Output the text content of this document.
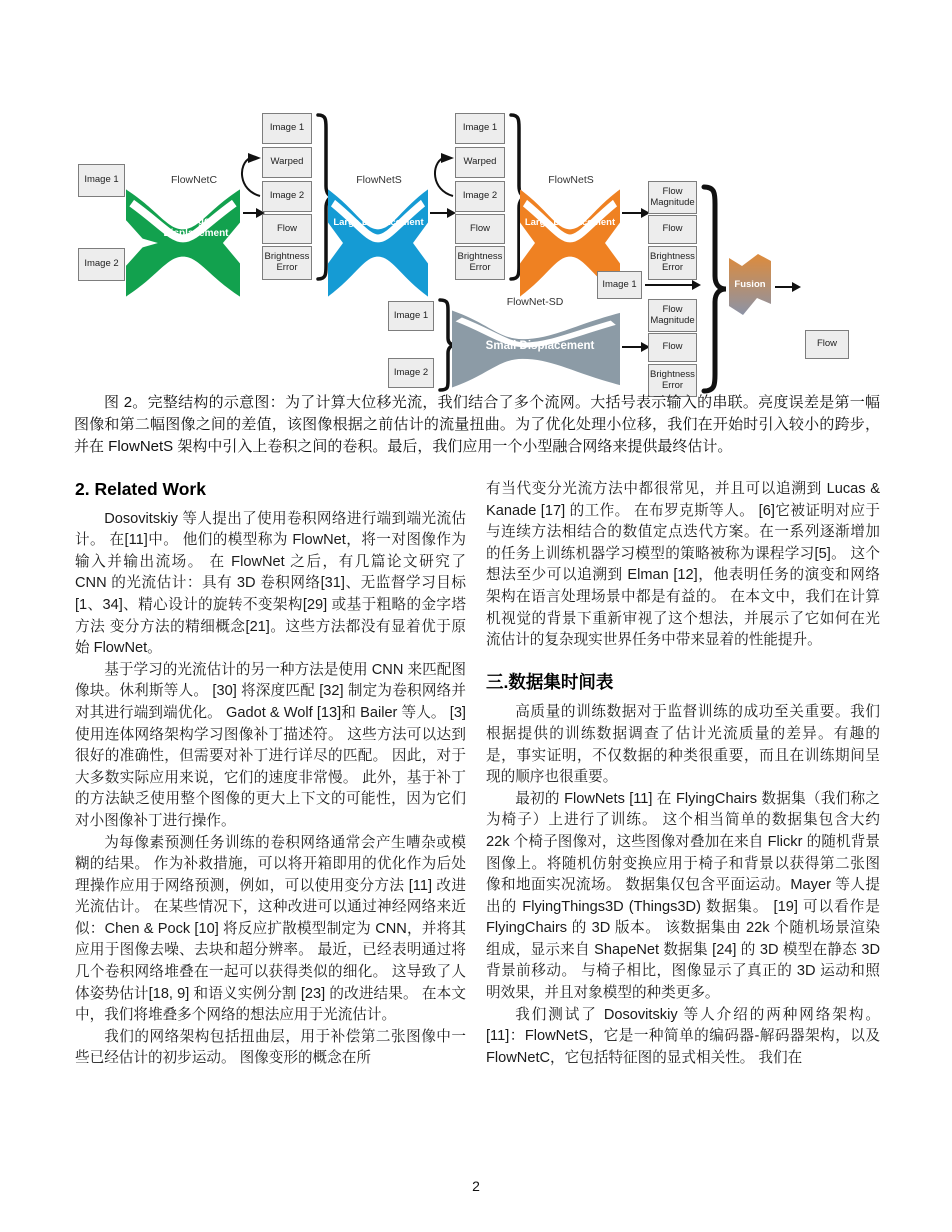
Image 1
Image 2
FlowNetC
Large Displacement
Image 1
Warped
Image 2
Flow
Brightness Error
FlowNetS
Large Displacement
Image 1
Warped
Image 2
Flow
Brightness Error
FlowNetS
Large Displacement
Flow Magnitude
Flow
Brightness Error
Image 1
Image 1
Image 2
FlowNet-SD
Small Displacement
Flow Magnitude
Flow
Brightness Error
Fusion
Flow
图 2。完整结构的示意图：为了计算大位移光流，我们结合了多个流网。大括号表示输入的串联。亮度误差是第一幅图像和第二幅图像之间的差值，该图像根据之前估计的流量扭曲。为了优化处理小位移，我们在开始时引入较小的跨步，并在 FlowNetS 架构中引入上卷积之间的卷积。最后，我们应用一个小型融合网络来提供最终估计。
2. Related Work

Dosovitskiy 等人提出了使用卷积网络进行端到端光流估计。 在[11]中。 他们的模型称为 FlowNet，将一对图像作为输入并输出流场。 在 FlowNet 之后，有几篇论文研究了 CNN 的光流估计：具有 3D 卷积网络[31]、无监督学习目标 [1、34]、精心设计的旋转不变架构[29] 或基于粗略的金字塔方法 变分方法的精细概念[21]。这些方法都没有显着优于原始 FlowNet。

基于学习的光流估计的另一种方法是使用 CNN 来匹配图像块。休利斯等人。 [30] 将深度匹配 [32] 制定为卷积网络并对其进行端到端优化。 Gadot & Wolf [13]和 Bailer 等人。 [3] 使用连体网络架构学习图像补丁描述符。 这些方法可以达到很好的准确性，但需要对补丁进行详尽的匹配。 因此，对于大多数实际应用来说，它们的速度非常慢。 此外，基于补丁的方法缺乏使用整个图像的更大上下文的可能性，因为它们对小图像补丁进行操作。

为每像素预测任务训练的卷积网络通常会产生嘈杂或模糊的结果。 作为补救措施，可以将开箱即用的优化作为后处理操作应用于网络预测，例如，可以使用变分方法 [11] 改进光流估计。 在某些情况下，这种改进可以通过神经网络来近似：Chen & Pock [10] 将反应扩散模型制定为 CNN，并将其应用于图像去噪、去块和超分辨率。 最近，已经表明通过将几个卷积网络堆叠在一起可以获得类似的细化。 这导致了人体姿势估计[18, 9] 和语义实例分割 [23] 的改进结果。 在本文中，我们将堆叠多个网络的想法应用于光流估计。

我们的网络架构包括扭曲层，用于补偿第二张图像中一些已经估计的初步运动。 图像变形的概念在所

有当代变分光流方法中都很常见，并且可以追溯到 Lucas & Kanade [17] 的工作。 在布罗克斯等人。 [6]它被证明对应于与连续方法相结合的数值定点迭代方案。在一系列逐渐增加的任务上训练机器学习模型的策略被称为课程学习[5]。 这个想法至少可以追溯到 Elman [12]，他表明任务的演变和网络架构在语言处理场景中都是有益的。 在本文中，我们在计算机视觉的背景下重新审视了这个想法，并展示了它如何在光流估计的复杂现实世界任务中带来显着的性能提升。

三.数据集时间表

高质量的训练数据对于监督训练的成功至关重要。我们根据提供的训练数据调查了估计光流质量的差异。有趣的是，事实证明，不仅数据的种类很重要，而且在训练期间呈现的顺序也很重要。

最初的 FlowNets [11] 在 FlyingChairs 数据集（我们称之为椅子）上进行了训练。 这个相当简单的数据集包含大约 22k 个椅子图像对，这些图像对叠加在来自 Flickr 的随机背景图像上。将随机仿射变换应用于椅子和背景以获得第二张图像和地面实况流场。 数据集仅包含平面运动。Mayer 等人提出的 FlyingThings3D (Things3D) 数据集。 [19] 可以看作是 FlyingChairs 的 3D 版本。 该数据集由 22k 个随机场景渲染组成，显示来自 ShapeNet 数据集 [24] 的 3D 模型在静态 3D 背景前移动。 与椅子相比，图像显示了真正的 3D 运动和照明效果，并且对象模型的种类更多。

我们测试了 Dosovitskiy 等人介绍的两种网络架构。[11]：FlowNetS，它是一种简单的编码器-解码器架构，以及 FlowNetC，它包括特征图的显式相关性。 我们在

2
